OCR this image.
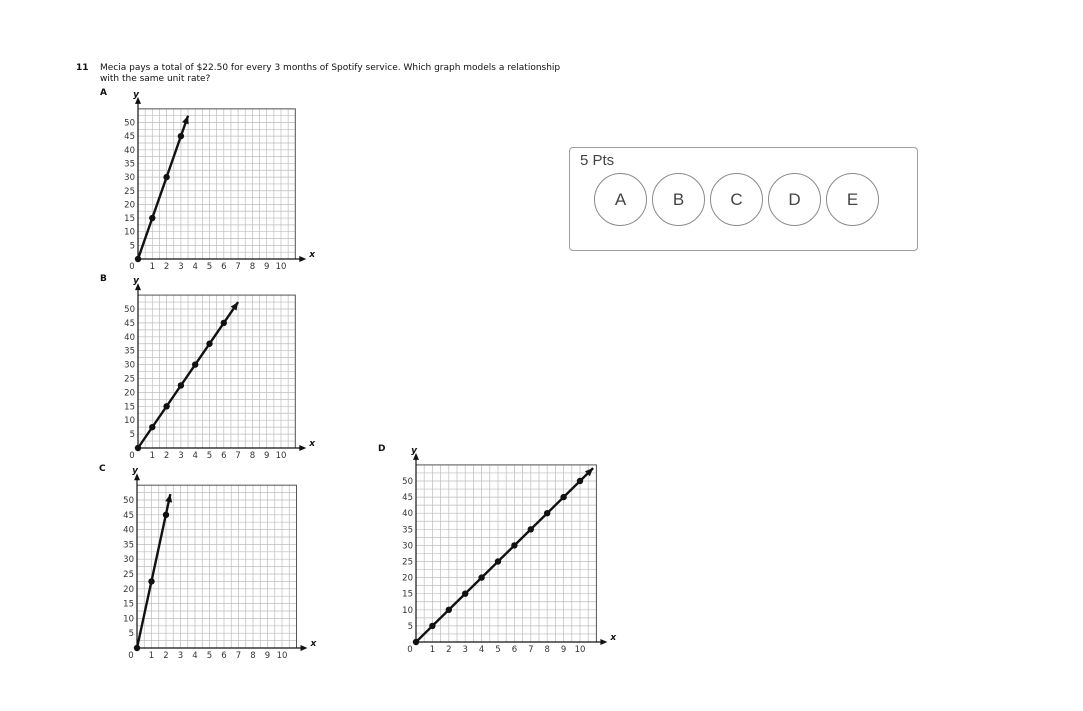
11 Mecia pays a total of $22.50 for every 3 months of Spotify service. Which graph models a relationship with the same unit rate?
A	y
x
0 1 2 3 4 5 6 7 8 9 10
5
10
15
20
25
30
35
40
45
50
B	y
x
0 1 2 3 4 5 6 7 8 9 10
5
10
15
20
25
30
35
40
45
50
C	y
x
0 1 2 3 4 5 6 7 8 9 10
5
10
15
20
25
30
35
40
45
50
D	y
x
0 1 2 3 4 5 6 7 8 9 10
5
10
15
20
25
30
35
40
45
50
5 Pts
A	B	C	D	E
